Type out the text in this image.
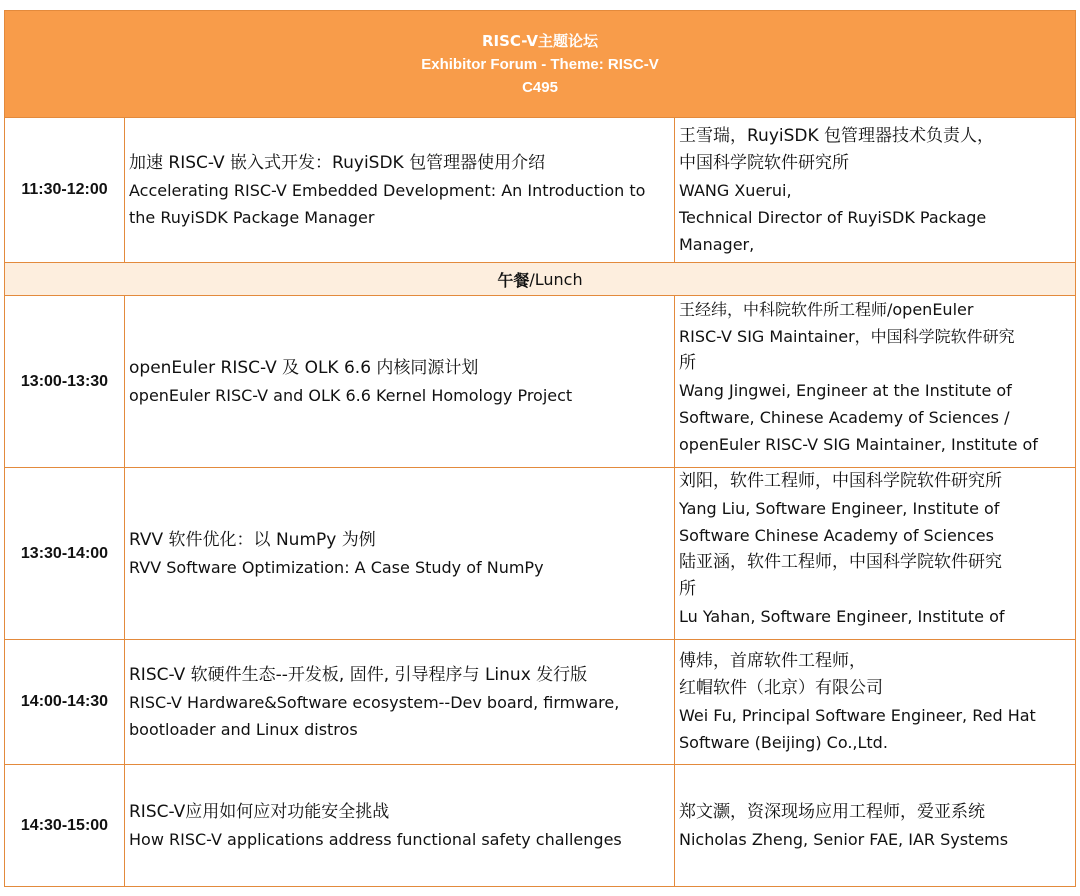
RISC-V主题论坛
Exhibitor Forum - Theme: RISC-V
C495
11:30-12:00
加速 RISC-V 嵌入式开发：RuyiSDK 包管理器使用介绍
Accelerating RISC-V Embedded Development: An Introduction to
the RuyiSDK Package Manager
王雪瑞，RuyiSDK 包管理器技术负责人，
中国科学院软件研究所
WANG Xuerui,
Technical Director of RuyiSDK Package
Manager,
午餐 /Lunch
13:00-13:30
openEuler RISC-V 及 OLK 6.6 内核同源计划
openEuler RISC-V and OLK 6.6 Kernel Homology Project
王经纬，中科院软件所工程师/openEuler
RISC-V SIG Maintainer，中国科学院软件研究
所
Wang Jingwei, Engineer at the Institute of
Software, Chinese Academy of Sciences /
openEuler RISC-V SIG Maintainer, Institute of
13:30-14:00
RVV 软件优化：以 NumPy 为例
RVV Software Optimization: A Case Study of NumPy
刘阳，软件工程师，中国科学院软件研究所
Yang Liu, Software Engineer, Institute of
Software Chinese Academy of Sciences
陆亚涵，软件工程师，中国科学院软件研究
所
Lu Yahan, Software Engineer, Institute of
14:00-14:30
RISC-V 软硬件生态--开发板, 固件, 引导程序与 Linux 发行版
RISC-V Hardware&Software ecosystem--Dev board, firmware,
bootloader and Linux distros
傅炜，首席软件工程师，
红帽软件（北京）有限公司
Wei Fu, Principal Software Engineer, Red Hat
Software (Beijing) Co.,Ltd.
14:30-15:00
RISC-V应用如何应对功能安全挑战
How RISC-V applications address functional safety challenges
郑文灏，资深现场应用工程师，爱亚系统
Nicholas Zheng, Senior FAE, IAR Systems
